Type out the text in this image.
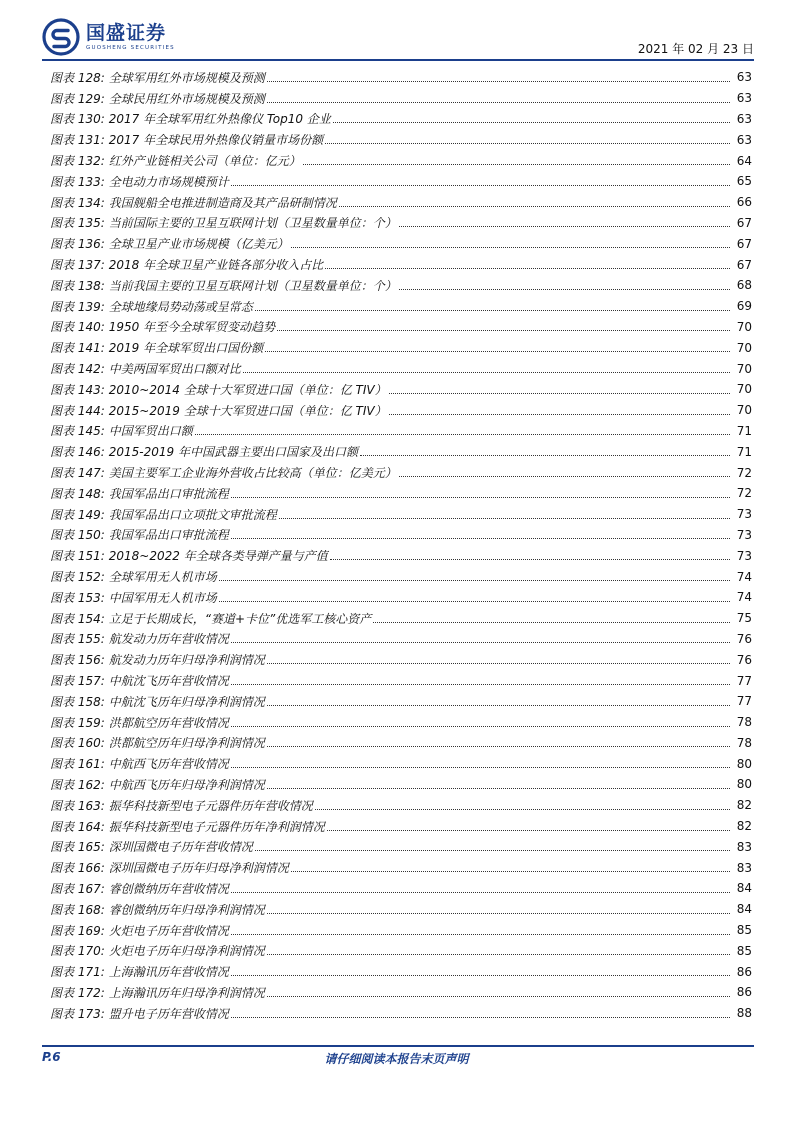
国盛证券
GUOSHENG SECURITIES	2021 年 02 月 23 日
图表 128: 全球军用红外市场规模及预测	63
图表 129: 全球民用红外市场规模及预测	63
图表 130: 2017 年全球军用红外热像仪 Top10 企业	63
图表 131: 2017 年全球民用外热像仪销量市场份额	63
图表 132: 红外产业链相关公司（单位：亿元）	64
图表 133: 全电动力市场规模预计	65
图表 134: 我国舰船全电推进制造商及其产品研制情况	66
图表 135: 当前国际主要的卫星互联网计划（卫星数量单位：个）	67
图表 136: 全球卫星产业市场规模（亿美元）	67
图表 137: 2018 年全球卫星产业链各部分收入占比	67
图表 138: 当前我国主要的卫星互联网计划（卫星数量单位：个）	68
图表 139: 全球地缘局势动荡或呈常态	69
图表 140: 1950 年至今全球军贸变动趋势	70
图表 141: 2019 年全球军贸出口国份额	70
图表 142: 中美两国军贸出口额对比	70
图表 143: 2010~2014 全球十大军贸进口国（单位：亿 TIV）	70
图表 144: 2015~2019 全球十大军贸进口国（单位：亿 TIV）	70
图表 145: 中国军贸出口额	71
图表 146: 2015-2019 年中国武器主要出口国家及出口额	71
图表 147: 美国主要军工企业海外营收占比较高（单位：亿美元）	72
图表 148: 我国军品出口审批流程	72
图表 149: 我国军品出口立项批文审批流程	73
图表 150: 我国军品出口审批流程	73
图表 151: 2018~2022 年全球各类导弹产量与产值	73
图表 152: 全球军用无人机市场	74
图表 153: 中国军用无人机市场	74
图表 154: 立足于长期成长，“赛道+卡位”优选军工核心资产	75
图表 155: 航发动力历年营收情况	76
图表 156: 航发动力历年归母净利润情况	76
图表 157: 中航沈飞历年营收情况	77
图表 158: 中航沈飞历年归母净利润情况	77
图表 159: 洪都航空历年营收情况	78
图表 160: 洪都航空历年归母净利润情况	78
图表 161: 中航西飞历年营收情况	80
图表 162: 中航西飞历年归母净利润情况	80
图表 163: 振华科技新型电子元器件历年营收情况	82
图表 164: 振华科技新型电子元器件历年净利润情况	82
图表 165: 深圳国微电子历年营收情况	83
图表 166: 深圳国微电子历年归母净利润情况	83
图表 167: 睿创微纳历年营收情况	84
图表 168: 睿创微纳历年归母净利润情况	84
图表 169: 火炬电子历年营收情况	85
图表 170: 火炬电子历年归母净利润情况	85
图表 171: 上海瀚讯历年营收情况	86
图表 172: 上海瀚讯历年归母净利润情况	86
图表 173: 盟升电子历年营收情况	88
P.6	请仔细阅读本报告末页声明
